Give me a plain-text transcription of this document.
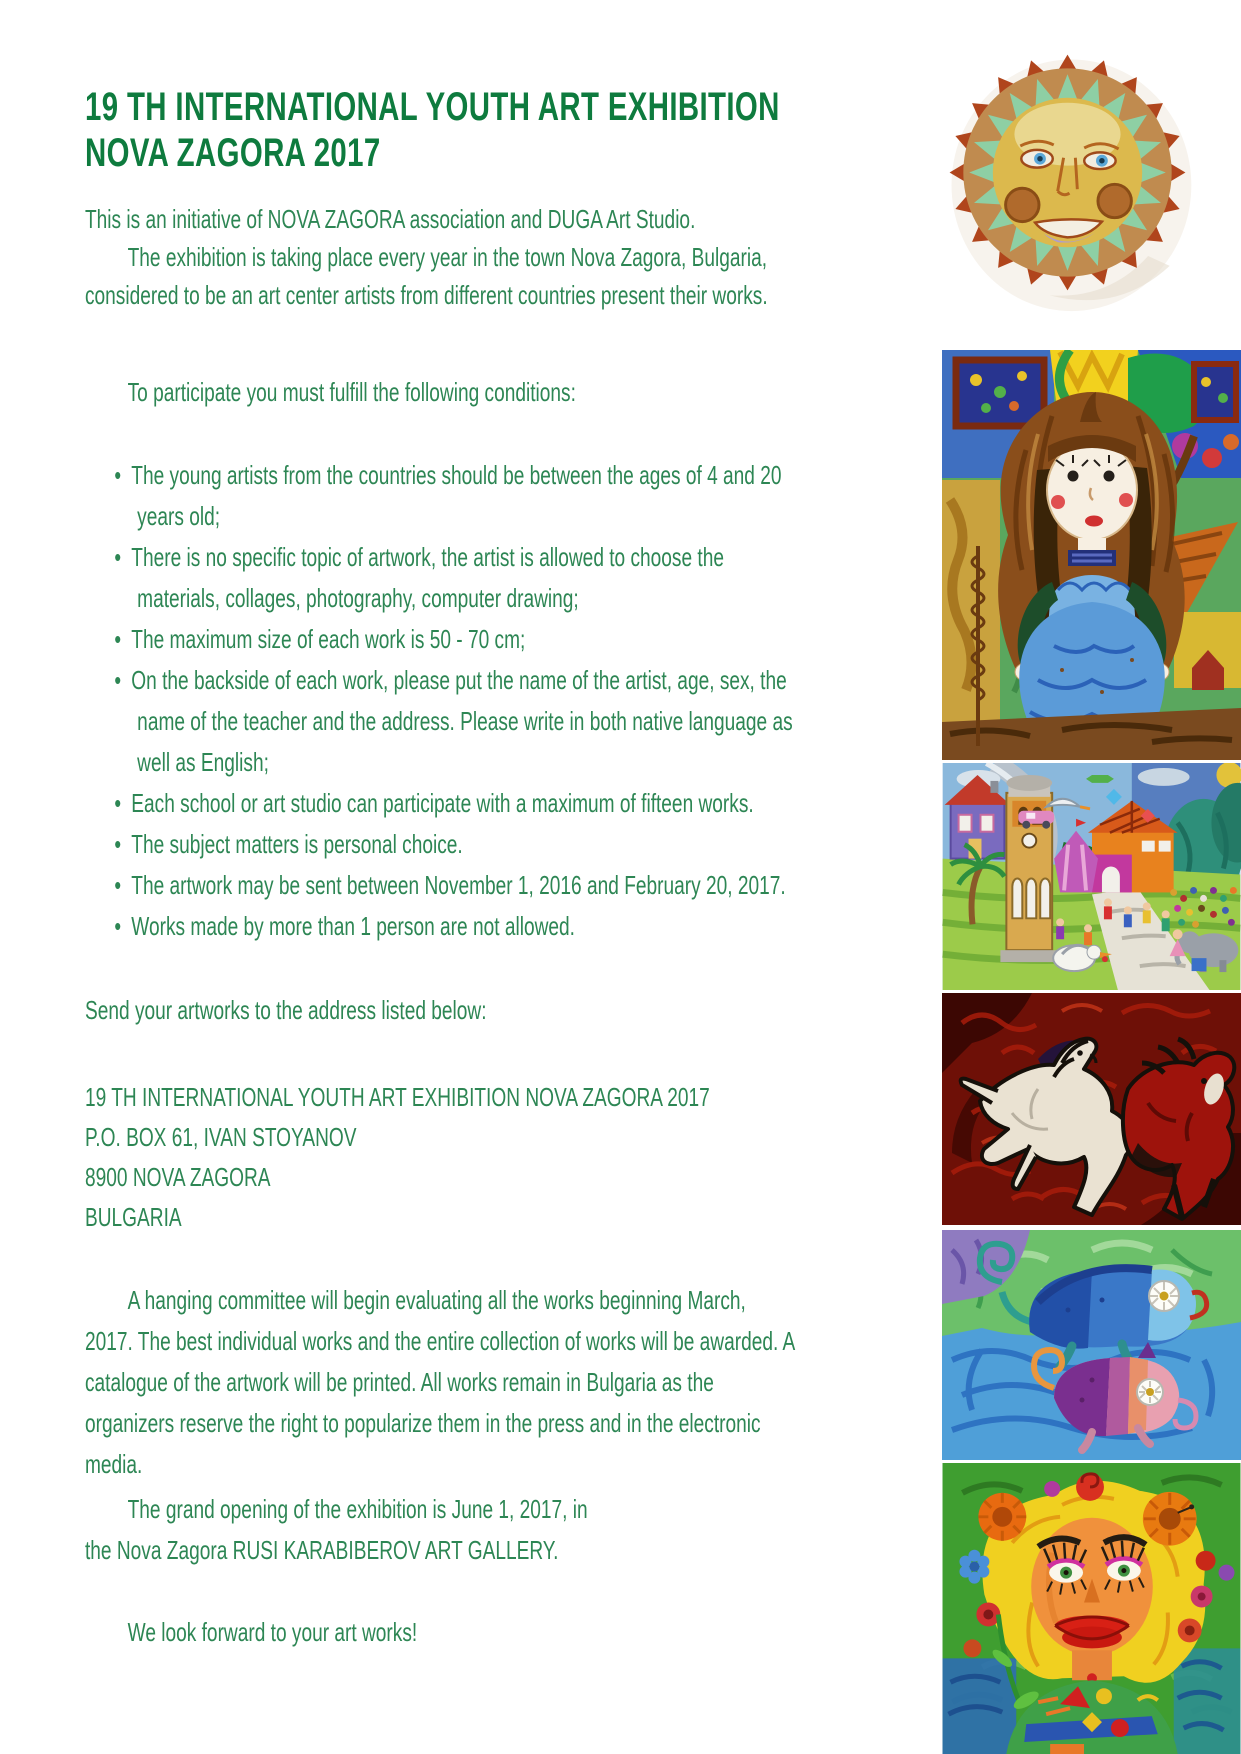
19 TH INTERNATIONAL YOUTH ART EXHIBITION
NOVA ZAGORA 2017
This is an initiative of NOVA ZAGORA association and DUGA Art Studio.
The exhibition is taking place every year in the town Nova Zagora, Bulgaria,
considered to be an art center artists from different countries present their works.
To participate you must fulfill the following conditions:
• The young artists from the countries should be between the ages of 4 and 20
years old;
• There is no specific topic of artwork, the artist is allowed to choose the
materials, collages, photography, computer drawing;
• The maximum size of each work is 50 - 70 cm;
• On the backside of each work, please put the name of the artist, age, sex, the
name of the teacher and the address. Please write in both native language as
well as English;
• Each school or art studio can participate with a maximum of fifteen works.
• The subject matters is personal choice.
• The artwork may be sent between November 1, 2016 and February 20, 2017.
• Works made by more than 1 person are not allowed.
Send your artworks to the address listed below:
19 TH INTERNATIONAL YOUTH ART EXHIBITION NOVA ZAGORA 2017
P.O. BOX 61, IVAN STOYANOV
8900 NOVA ZAGORA
BULGARIA
A hanging committee will begin evaluating all the works beginning March,
2017. The best individual works and the entire collection of works will be awarded. A
catalogue of the artwork will be printed. All works remain in Bulgaria as the
organizers reserve the right to popularize them in the press and in the electronic
media.
The grand opening of the exhibition is June 1, 2017, in
the Nova Zagora RUSI KARABIBEROV ART GALLERY.
We look forward to your art works!
